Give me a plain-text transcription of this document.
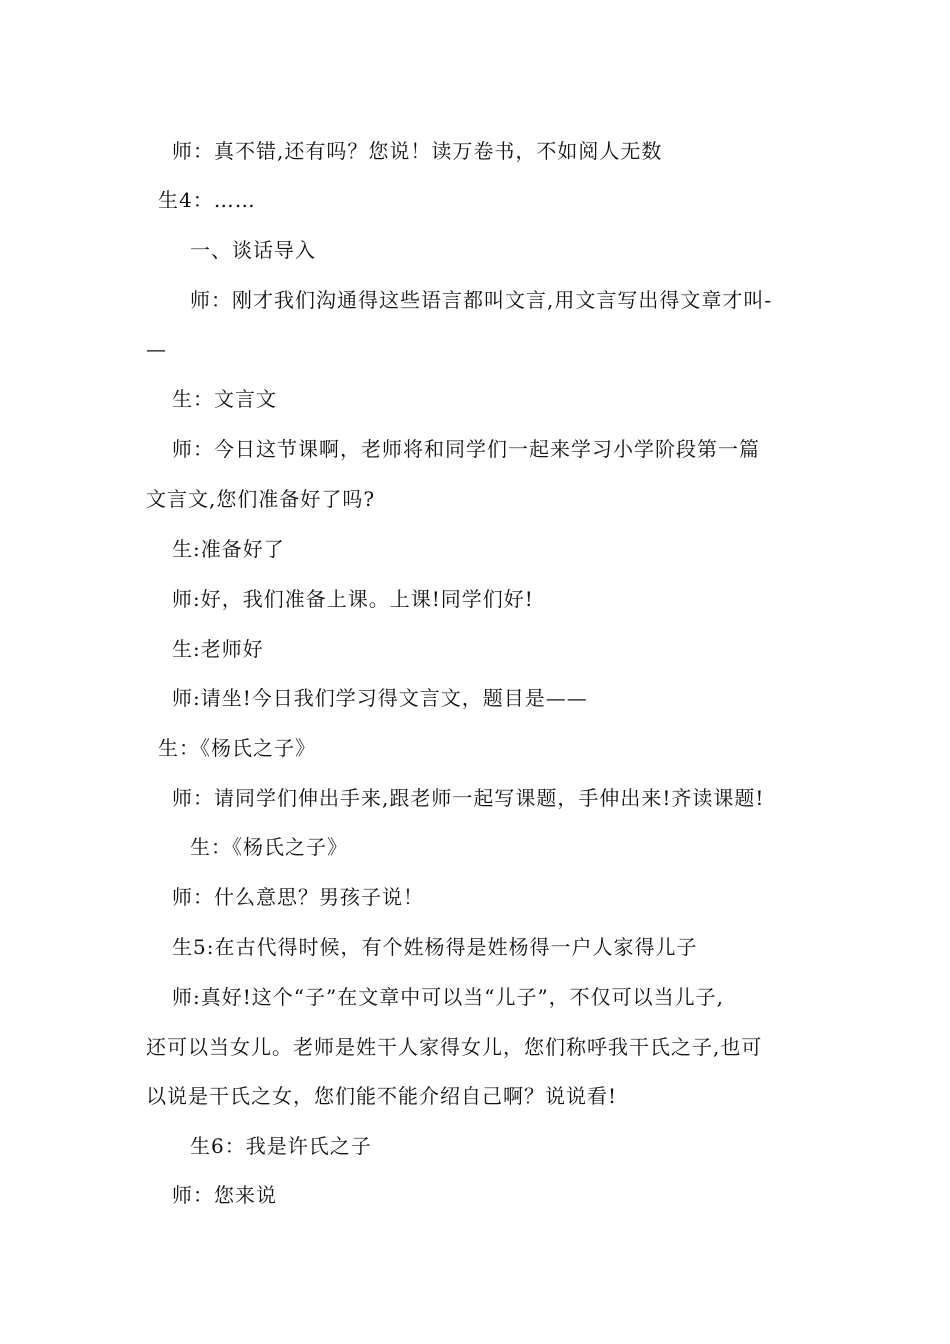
师：真不错,还有吗？您说！读万卷书，不如阅人无数
生4：……
一、谈话导入
师：刚才我们沟通得这些语言都叫文言,用文言写出得文章才叫-
—
生：文言文
师：今日这节课啊，老师将和同学们一起来学习小学阶段第一篇
文言文,您们准备好了吗?
生:准备好了
师:好，我们准备上课。上课!同学们好!
生:老师好
师:请坐!今日我们学习得文言文，题目是——
生：《杨氏之子》
师：请同学们伸出手来,跟老师一起写课题，手伸出来!齐读课题!
生：《杨氏之子》
师：什么意思？男孩子说！
生5:在古代得时候，有个姓杨得是姓杨得一户人家得儿子
师:真好!这个“子”在文章中可以当“儿子”，不仅可以当儿子,
还可以当女儿。老师是姓干人家得女儿，您们称呼我干氏之子,也可
以说是干氏之女，您们能不能介绍自己啊？说说看!
生6：我是许氏之子
师：您来说
